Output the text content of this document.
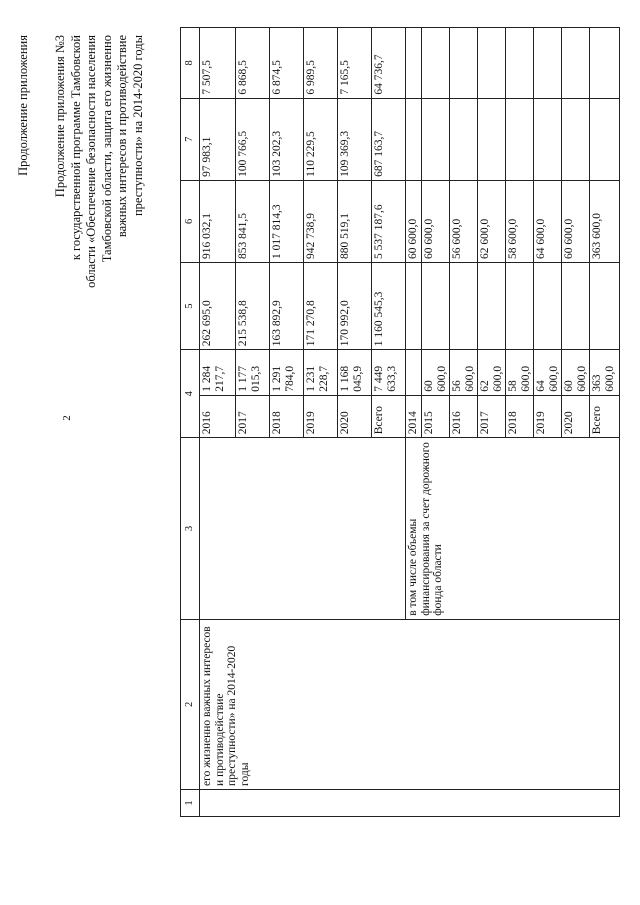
2
Продолжение приложения Продолжение приложения №3 к государственной программе Тамбовской области «Обеспечение безопасности населения Тамбовской области, защита его жизненно важных интересов и противодействие преступности» на 2014-2020 годы
1	2	3	4		5	6	7	8
	его жизненно важных интересов и противодействие преступности» на 2014-2020 годы		2016	1 284 217,7	262 695,0	916 032,1	97 983,1	7 507,5
			2017	1 177 015,3	215 538,8	853 841,5	100 766,5	6 868,5
			2018	1 291 784,0	163 892,9	1 017 814,3	103 202,3	6 874,5
			2019	1 231 228,7	171 270,8	942 738,9	110 229,5	6 989,5
			2020	1 168 045,9	170 992,0	880 519,1	109 369,3	7 165,5
			Всего	7 449 633,3	1 160 545,3	5 537 187,6	687 163,7	64 736,7
		в том числе объемы финансирования за счет дорожного фонда области	2014			60 600,0		
			2015	60 600,0		60 600,0		
			2016	56 600,0		56 600,0		
			2017	62 600,0		62 600,0		
			2018	58 600,0		58 600,0		
			2019	64 600,0		64 600,0		
			2020	60 600,0		60 600,0		
			Всего	363 600,0		363 600,0		
